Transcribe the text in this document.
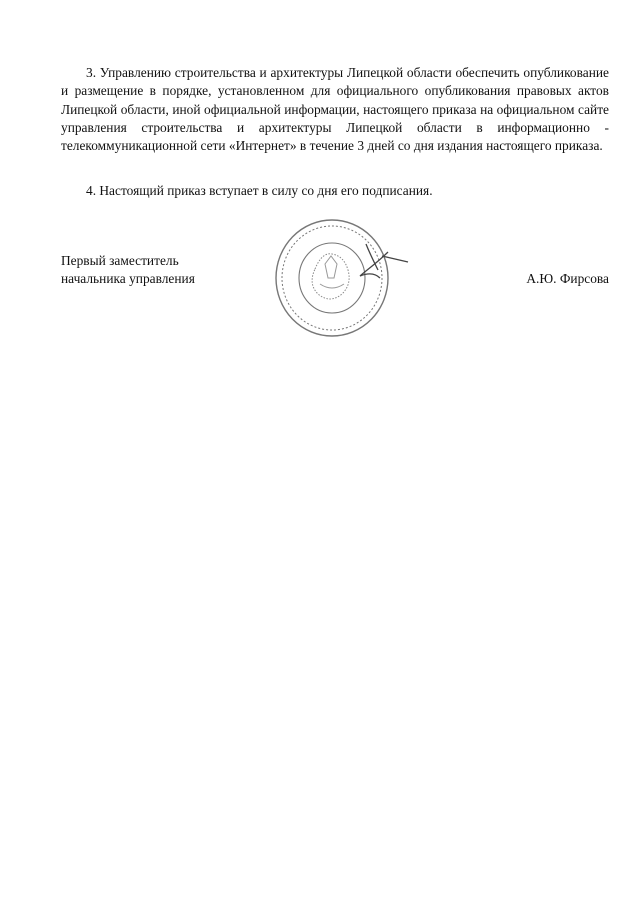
3. Управлению строительства и архитектуры Липецкой области обеспечить опубликование и размещение в порядке, установленном для официального опубликования правовых актов Липецкой области, иной официальной информации, настоящего приказа на официальном сайте управления строительства и архитектуры Липецкой области в информационно - телекоммуникационной сети «Интернет» в течение 3 дней со дня издания настоящего приказа.

4. Настоящий приказ вступает в силу со дня его подписания.

Первый заместитель
начальника управления	А.Ю. Фирсова
